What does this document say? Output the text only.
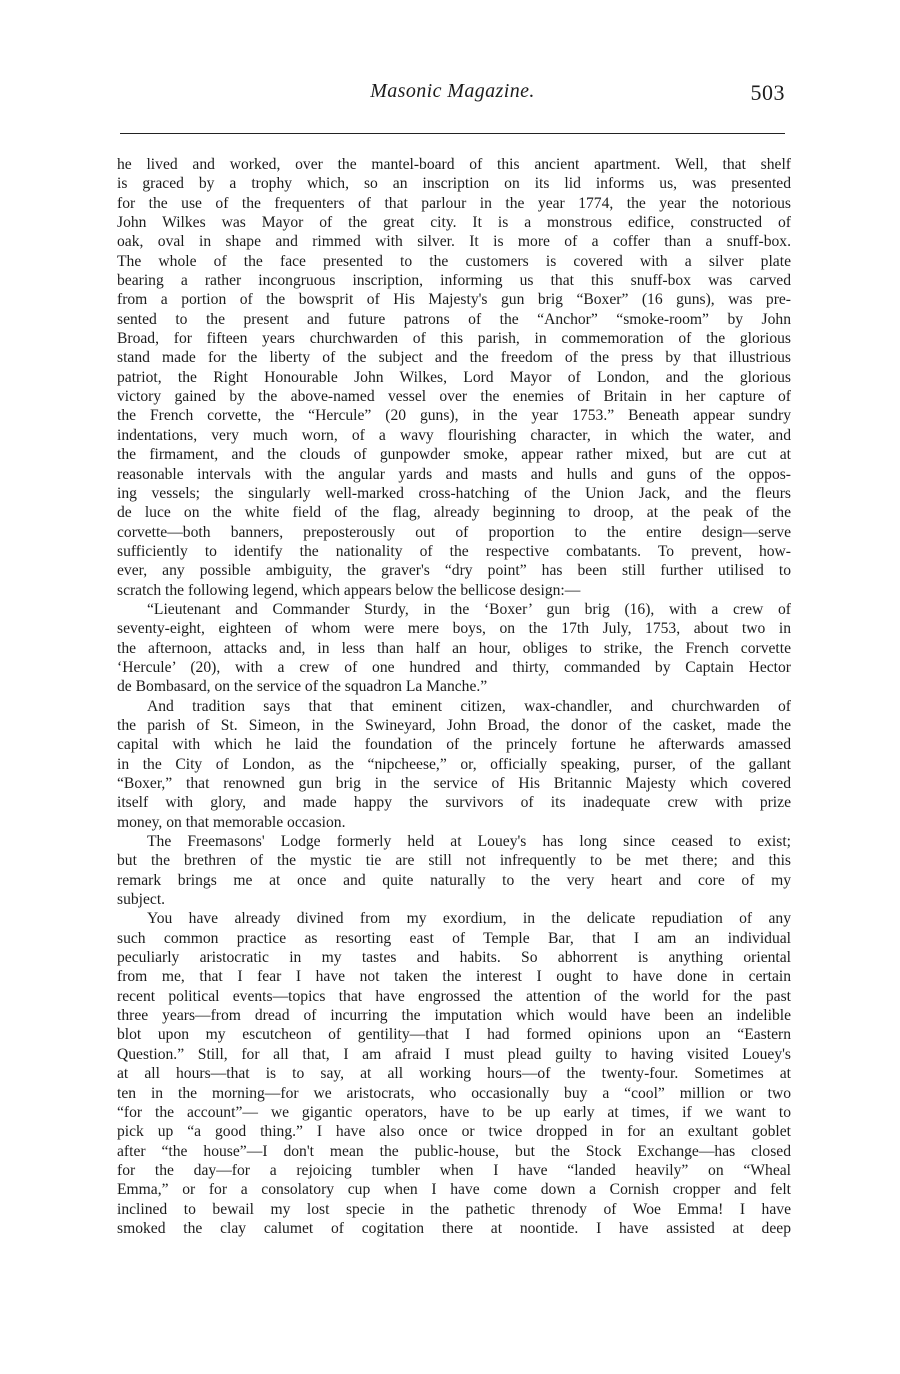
Masonic Magazine.	503
he lived and worked, over the mantel-board of this ancient apartment. Well, that shelf
is graced by a trophy which, so an inscription on its lid informs us, was presented
for the use of the frequenters of that parlour in the year 1774, the year the notorious
John Wilkes was Mayor of the great city. It is a monstrous edifice, constructed of
oak, oval in shape and rimmed with silver. It is more of a coffer than a snuff-box.
The whole of the face presented to the customers is covered with a silver plate
bearing a rather incongruous inscription, informing us that this snuff-box was carved
from a portion of the bowsprit of His Majesty's gun brig “Boxer” (16 guns), was pre-
sented to the present and future patrons of the “Anchor” “smoke-room” by John
Broad, for fifteen years churchwarden of this parish, in commemoration of the glorious
stand made for the liberty of the subject and the freedom of the press by that illustrious
patriot, the Right Honourable John Wilkes, Lord Mayor of London, and the glorious
victory gained by the above-named vessel over the enemies of Britain in her capture of
the French corvette, the “Hercule” (20 guns), in the year 1753.” Beneath appear sundry
indentations, very much worn, of a wavy flourishing character, in which the water, and
the firmament, and the clouds of gunpowder smoke, appear rather mixed, but are cut at
reasonable intervals with the angular yards and masts and hulls and guns of the oppos-
ing vessels; the singularly well-marked cross-hatching of the Union Jack, and the fleurs
de luce on the white field of the flag, already beginning to droop, at the peak of the
corvette—both banners, preposterously out of proportion to the entire design—serve
sufficiently to identify the nationality of the respective combatants. To prevent, how-
ever, any possible ambiguity, the graver's “dry point” has been still further utilised to
scratch the following legend, which appears below the bellicose design:—
“Lieutenant and Commander Sturdy, in the ‘Boxer’ gun brig (16), with a crew of
seventy-eight, eighteen of whom were mere boys, on the 17th July, 1753, about two in
the afternoon, attacks and, in less than half an hour, obliges to strike, the French corvette
‘Hercule’ (20), with a crew of one hundred and thirty, commanded by Captain Hector
de Bombasard, on the service of the squadron La Manche.”
And tradition says that that eminent citizen, wax-chandler, and churchwarden of
the parish of St. Simeon, in the Swineyard, John Broad, the donor of the casket, made the
capital with which he laid the foundation of the princely fortune he afterwards amassed
in the City of London, as the “nipcheese,” or, officially speaking, purser, of the gallant
“Boxer,” that renowned gun brig in the service of His Britannic Majesty which covered
itself with glory, and made happy the survivors of its inadequate crew with prize
money, on that memorable occasion.
The Freemasons' Lodge formerly held at Louey's has long since ceased to exist;
but the brethren of the mystic tie are still not infrequently to be met there; and this
remark brings me at once and quite naturally to the very heart and core of my
subject.
You have already divined from my exordium, in the delicate repudiation of any
such common practice as resorting east of Temple Bar, that I am an individual
peculiarly aristocratic in my tastes and habits. So abhorrent is anything oriental
from me, that I fear I have not taken the interest I ought to have done in certain
recent political events—topics that have engrossed the attention of the world for the past
three years—from dread of incurring the imputation which would have been an indelible
blot upon my escutcheon of gentility—that I had formed opinions upon an “Eastern
Question.” Still, for all that, I am afraid I must plead guilty to having visited Louey's
at all hours—that is to say, at all working hours—of the twenty-four. Sometimes at
ten in the morning—for we aristocrats, who occasionally buy a “cool” million or two
“for the account”— we gigantic operators, have to be up early at times, if we want to
pick up “a good thing.” I have also once or twice dropped in for an exultant goblet
after “the house”—I don't mean the public-house, but the Stock Exchange—has closed
for the day—for a rejoicing tumbler when I have “landed heavily” on “Wheal
Emma,” or for a consolatory cup when I have come down a Cornish cropper and felt
inclined to bewail my lost specie in the pathetic threnody of Woe Emma! I have
smoked the clay calumet of cogitation there at noontide. I have assisted at deep
